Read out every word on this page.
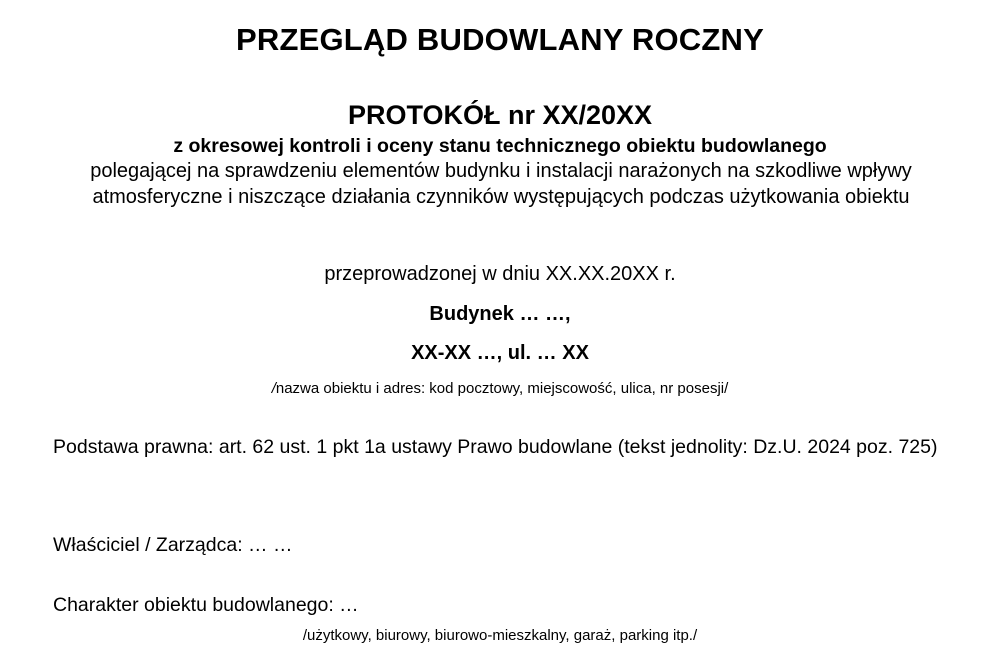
PRZEGLĄD BUDOWLANY ROCZNY
PROTOKÓŁ nr XX/20XX
z okresowej kontroli i oceny stanu technicznego obiektu budowlanego
polegającej na sprawdzeniu elementów budynku i instalacji narażonych na szkodliwe wpływy atmosferyczne i niszczące działania czynników występujących podczas użytkowania obiektu
przeprowadzonej w dniu XX.XX.20XX r.
Budynek … …,
XX-XX …, ul. … XX
/nazwa obiektu i adres: kod pocztowy, miejscowość, ulica, nr posesji/
Podstawa prawna: art. 62 ust. 1 pkt 1a ustawy Prawo budowlane (tekst jednolity: Dz.U. 2024 poz. 725)
Właściciel / Zarządca: … …
Charakter obiektu budowlanego: …
/użytkowy, biurowy, biurowo-mieszkalny, garaż, parking itp./
